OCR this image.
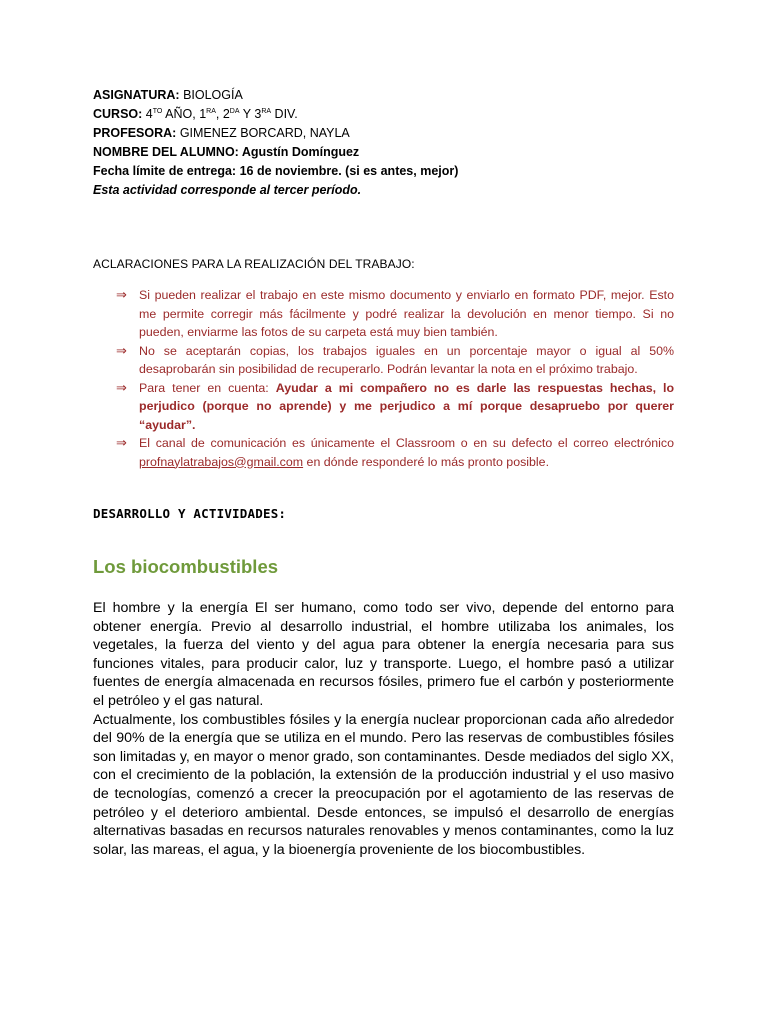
ASIGNATURA: BIOLOGÍA
CURSO: $4^{TO}$ AÑO, $1^{RA}$, $2^{DA}$ Y $3^{RA}$ DIV.
PROFESORA: GIMENEZ BORCARD, NAYLA
NOMBRE DEL ALUMNO: Agustín Domínguez
Fecha límite de entrega: 16 de noviembre. (si es antes, mejor)
Esta actividad corresponde al tercer período.
ACLARACIONES PARA LA REALIZACIÓN DEL TRABAJO:
⇒ Si pueden realizar el trabajo en este mismo documento y enviarlo en formato PDF, mejor. Esto me permite corregir más fácilmente y podré realizar la devolución en menor tiempo. Si no pueden, enviarme las fotos de su carpeta está muy bien también.
⇒ No se aceptarán copias, los trabajos iguales en un porcentaje mayor o igual al 50% desaprobarán sin posibilidad de recuperarlo. Podrán levantar la nota en el próximo trabajo.
⇒ Para tener en cuenta: Ayudar a mi compañero no es darle las respuestas hechas, lo perjudico (porque no aprende) y me perjudico a mí porque desapruebo por querer “ayudar”.
⇒ El canal de comunicación es únicamente el Classroom o en su defecto el correo electrónico profnaylatrabajos@gmail.com en dónde responderé lo más pronto posible.
DESARROLLO Y ACTIVIDADES:
Los biocombustibles

El hombre y la energía El ser humano, como todo ser vivo, depende del entorno para obtener energía. Previo al desarrollo industrial, el hombre utilizaba los animales, los vegetales, la fuerza del viento y del agua para obtener la energía necesaria para sus funciones vitales, para producir calor, luz y transporte. Luego, el hombre pasó a utilizar fuentes de energía almacenada en recursos fósiles, primero fue el carbón y posteriormente el petróleo y el gas natural.

Actualmente, los combustibles fósiles y la energía nuclear proporcionan cada año alrededor del 90% de la energía que se utiliza en el mundo. Pero las reservas de combustibles fósiles son limitadas y, en mayor o menor grado, son contaminantes. Desde mediados del siglo XX, con el crecimiento de la población, la extensión de la producción industrial y el uso masivo de tecnologías, comenzó a crecer la preocupación por el agotamiento de las reservas de petróleo y el deterioro ambiental. Desde entonces, se impulsó el desarrollo de energías alternativas basadas en recursos naturales renovables y menos contaminantes, como la luz solar, las mareas, el agua, y la bioenergía proveniente de los biocombustibles.
